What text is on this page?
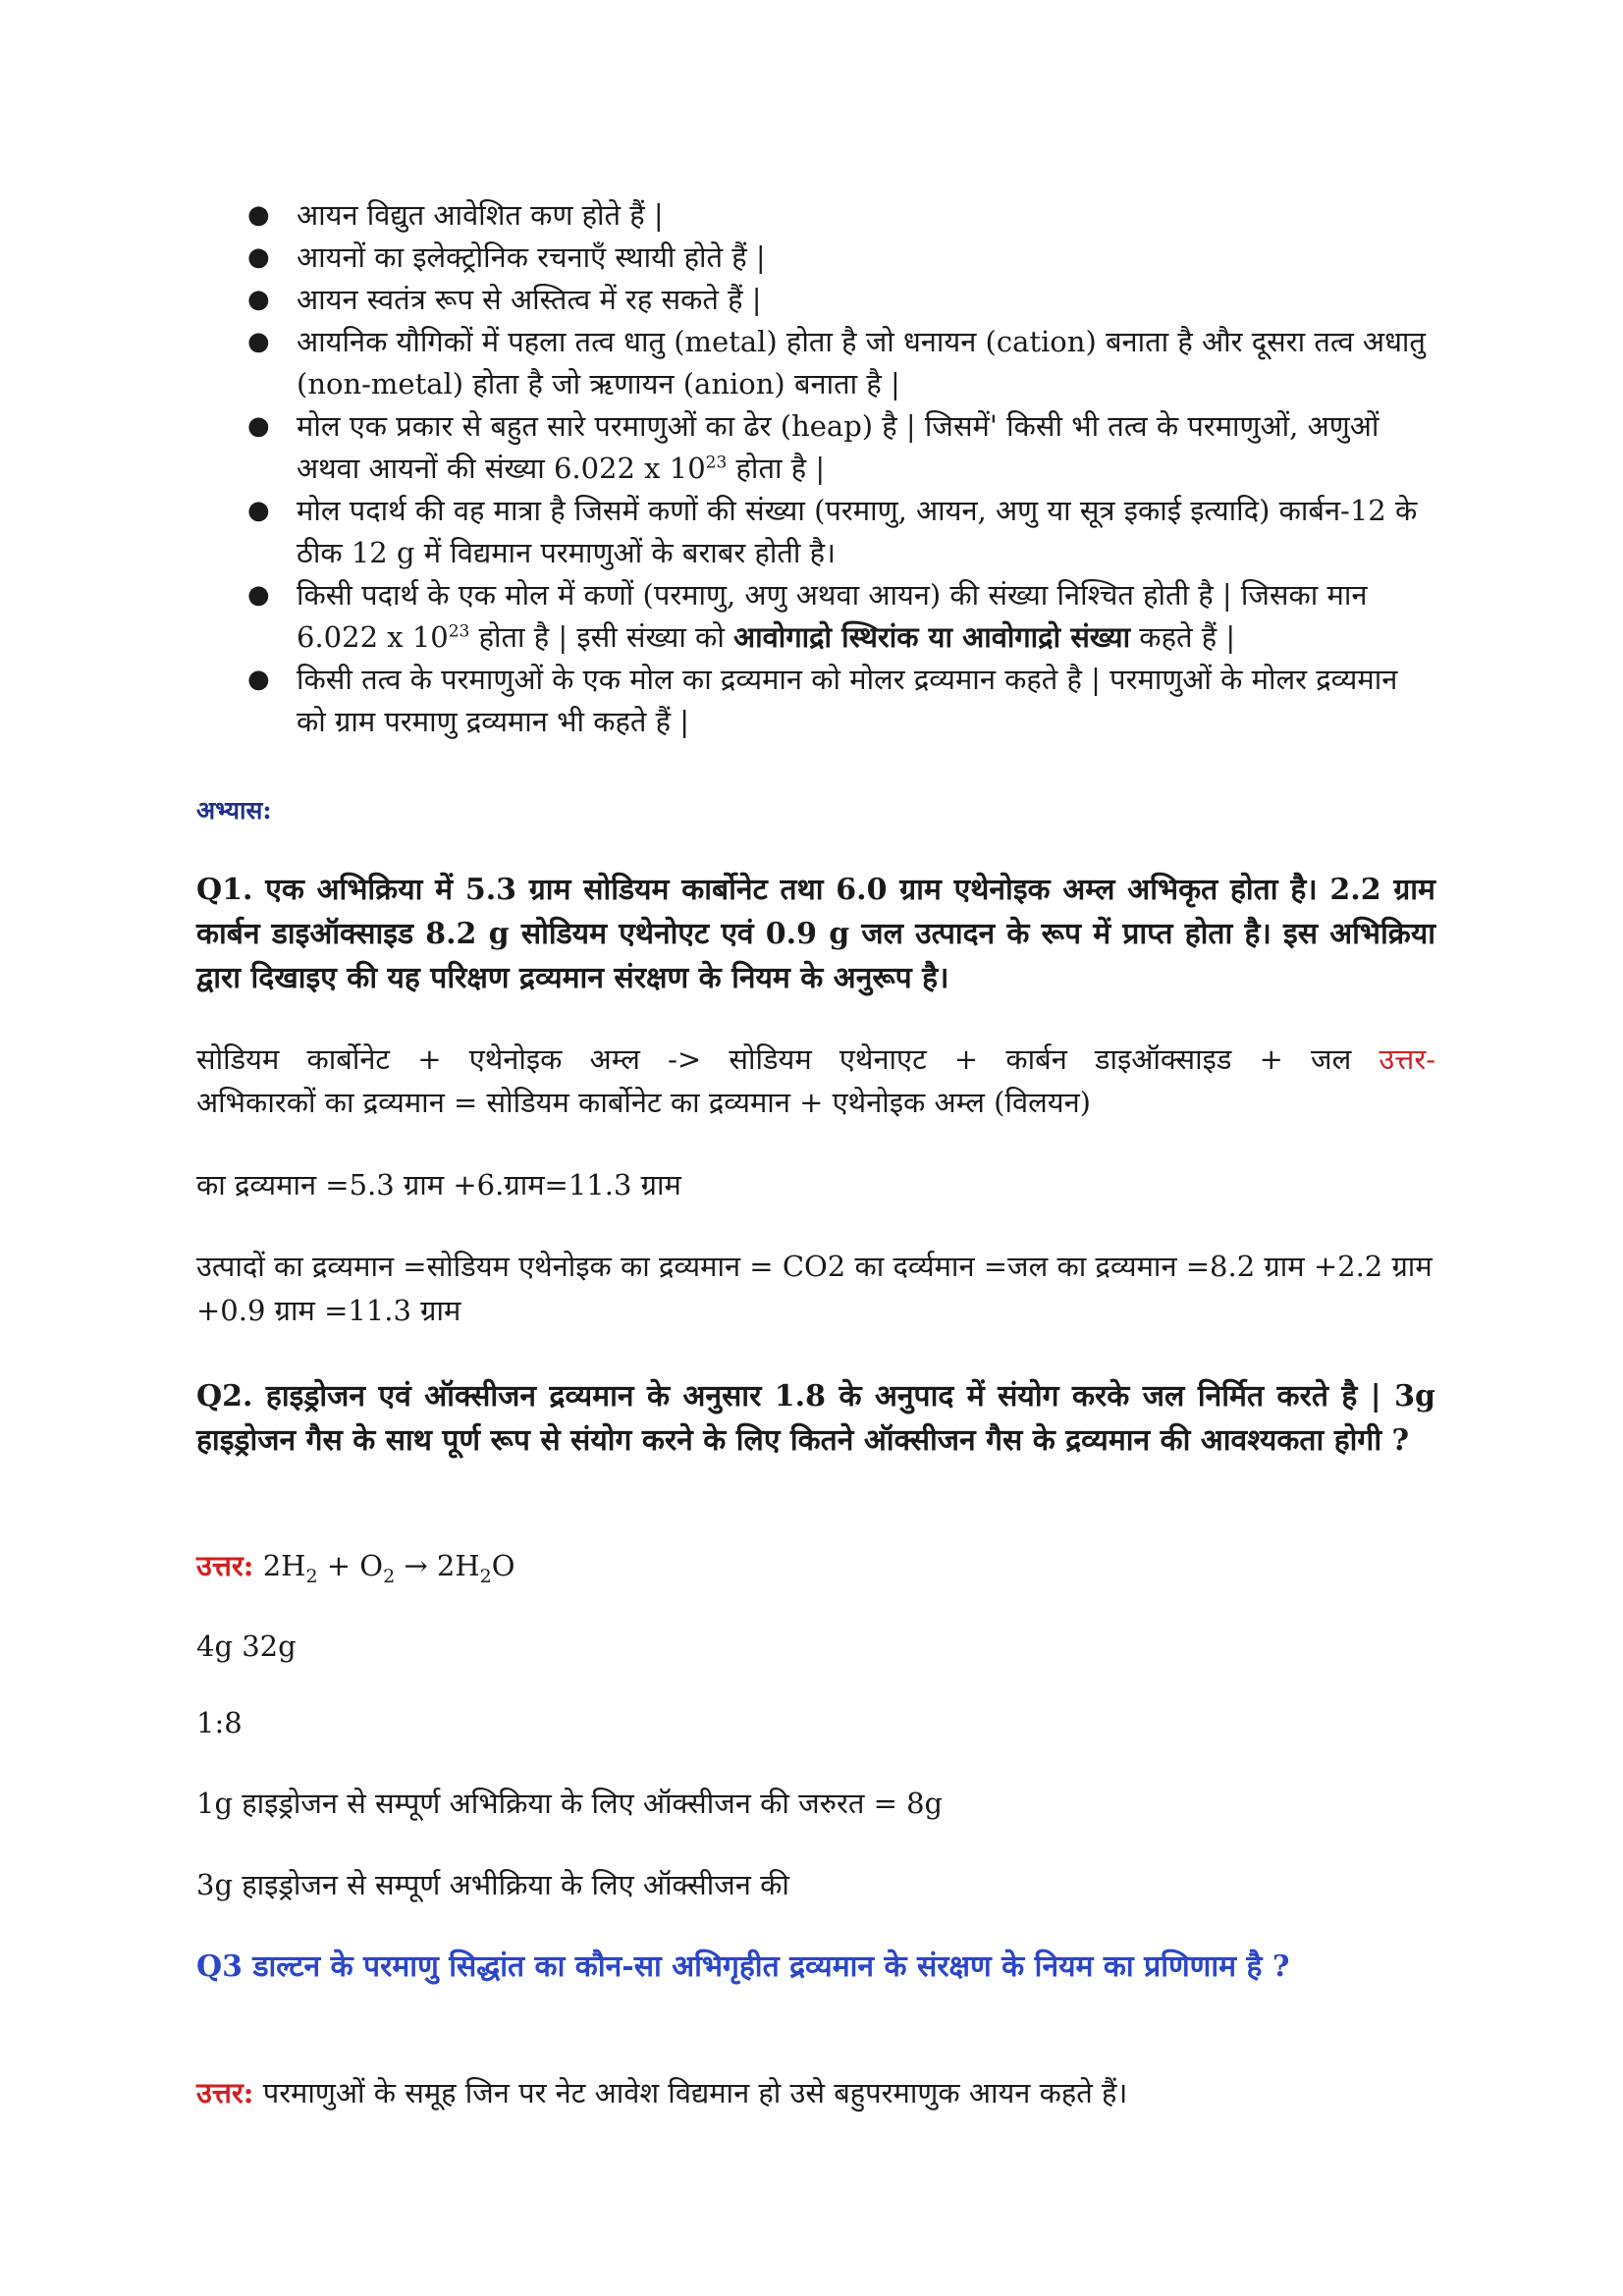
● आयन विद्युत आवेशित कण होते हैं |
● आयनों का इलेक्ट्रोनिक रचनाएँ स्थायी होते हैं |
● आयन स्वतंत्र रूप से अस्तित्व में रह सकते हैं |
● आयनिक यौगिकों में पहला तत्व धातु (metal) होता है जो धनायन (cation) बनाता है और दूसरा तत्व अधातु (non-metal) होता है जो ऋणायन (anion) बनाता है |
● मोल एक प्रकार से बहुत सारे परमाणुओं का ढेर (heap) है | जिसमें' किसी भी तत्व के परमाणुओं, अणुओं अथवा आयनों की संख्या 6.022 x $10^{23}$ होता है |
● मोल पदार्थ की वह मात्रा है जिसमें कणों की संख्या (परमाणु, आयन, अणु या सूत्र इकाई इत्यादि) कार्बन-12 के ठीक 12 g में विद्यमान परमाणुओं के बराबर होती है।
● किसी पदार्थ के एक मोल में कणों (परमाणु, अणु अथवा आयन) की संख्या निश्चित होती है | जिसका मान 6.022 x $10^{23}$ होता है | इसी संख्या को आवोगाद्रो स्थिरांक या आवोगाद्रो संख्या कहते हैं |
● किसी तत्व के परमाणुओं के एक मोल का द्रव्यमान को मोलर द्रव्यमान कहते है | परमाणुओं के मोलर द्रव्यमान को ग्राम परमाणु द्रव्यमान भी कहते हैं |
अभ्यास:
Q1. एक अभिक्रिया में 5.3 ग्राम सोडियम कार्बोनेट तथा 6.0 ग्राम एथेनोइक अम्ल अभिकृत होता है। 2.2 ग्राम कार्बन डाइऑक्साइड 8.2 g सोडियम एथेनोएट एवं 0.9 g जल उत्पादन के रूप में प्राप्त होता है। इस अभिक्रिया द्वारा दिखाइए की यह परिक्षण द्रव्यमान संरक्षण के नियम के अनुरूप है।
सोडियम कार्बोनेट + एथेनोइक अम्ल -> सोडियम एथेनाएट + कार्बन डाइऑक्साइड + जल उत्तर-
अभिकारकों का द्रव्यमान = सोडियम कार्बोनेट का द्रव्यमान + एथेनोइक अम्ल (विलयन)
का द्रव्यमान =5.3 ग्राम +6.ग्राम=11.3 ग्राम
उत्पादों का द्रव्यमान =सोडियम एथेनोइक का द्रव्यमान = CO2 का दर्व्यमान =जल का द्रव्यमान =8.2 ग्राम +2.2 ग्राम +0.9 ग्राम =11.3 ग्राम
Q2. हाइड्रोजन एवं ऑक्सीजन द्रव्यमान के अनुसार 1.8 के अनुपाद में संयोग करके जल निर्मित करते है | 3g हाइड्रोजन गैस के साथ पूर्ण रूप से संयोग करने के लिए कितने ऑक्सीजन गैस के द्रव्यमान की आवश्यकता होगी ?
उत्तर: $2H_2 + O_2 \to 2H_2O$
4g 32g
1:8
1g हाइड्रोजन से सम्पूर्ण अभिक्रिया के लिए ऑक्सीजन की जरुरत = 8g
3g हाइड्रोजन से सम्पूर्ण अभीक्रिया के लिए ऑक्सीजन की
Q3 डाल्टन के परमाणु सिद्धांत का कौन-सा अभिगृहीत द्रव्यमान के संरक्षण के नियम का प्रणिणाम है ?
उत्तर: परमाणुओं के समूह जिन पर नेट आवेश विद्यमान हो उसे बहुपरमाणुक आयन कहते हैं।
